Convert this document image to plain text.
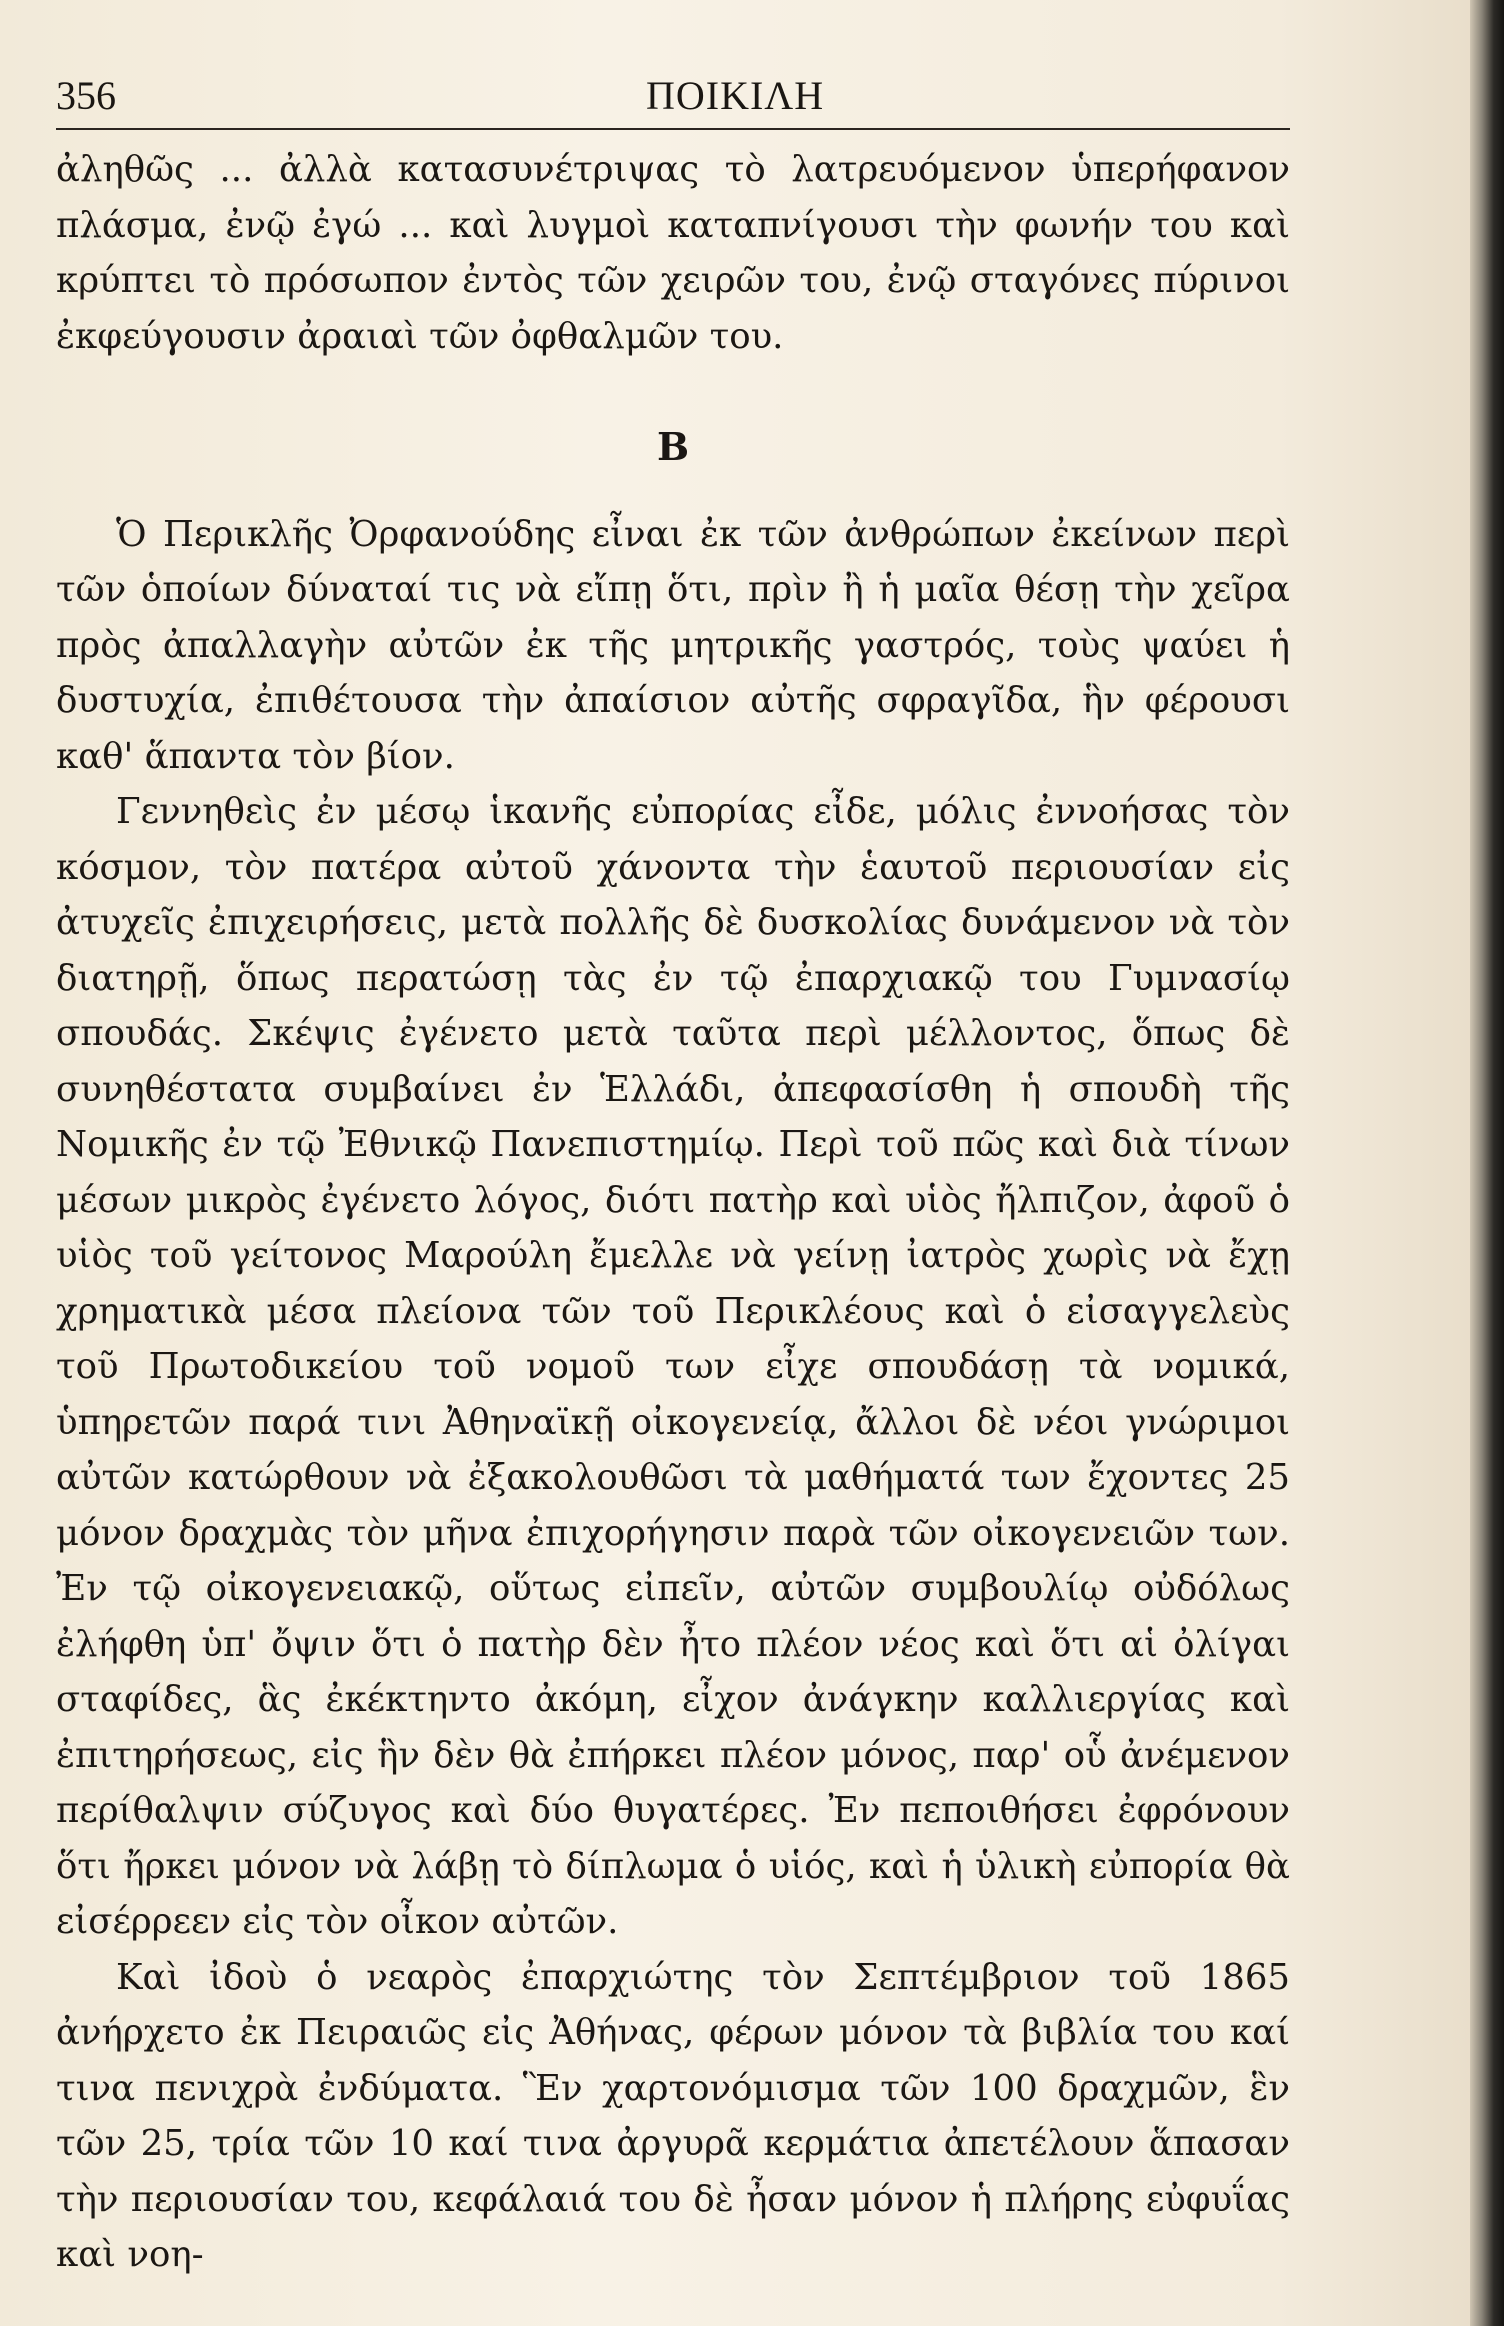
356	ΠΟΙΚΙΛΗ

ἀληθῶς ... ἀλλὰ κατασυνέτριψας τὸ λατρευόμενον ὑπερήφανον πλάσμα, ἐνῷ ἐγώ ... καὶ λυγμοὶ καταπνίγουσι τὴν φωνήν του καὶ κρύπτει τὸ πρόσωπον ἐντὸς τῶν χειρῶν του, ἐνῷ σταγόνες πύρινοι ἐκφεύγουσιν ἀραιαὶ τῶν ὀφθαλμῶν του.

Β

Ὁ Περικλῆς Ὀρφανούδης εἶναι ἐκ τῶν ἀνθρώπων ἐκείνων περὶ τῶν ὁποίων δύναταί τις νὰ εἴπῃ ὅτι, πρὶν ἢ ἡ μαῖα θέσῃ τὴν χεῖρα πρὸς ἀπαλλαγὴν αὐτῶν ἐκ τῆς μητρικῆς γαστρός, τοὺς ψαύει ἡ δυστυχία, ἐπιθέτουσα τὴν ἀπαίσιον αὐτῆς σφραγῖδα, ἣν φέρουσι καθ' ἅπαντα τὸν βίον.

Γεννηθεὶς ἐν μέσῳ ἱκανῆς εὐπορίας εἶδε, μόλις ἐννοήσας τὸν κόσμον, τὸν πατέρα αὐτοῦ χάνοντα τὴν ἑαυτοῦ περιουσίαν εἰς ἀτυχεῖς ἐπιχειρήσεις, μετὰ πολλῆς δὲ δυσκολίας δυνάμενον νὰ τὸν διατηρῇ, ὅπως περατώσῃ τὰς ἐν τῷ ἐπαρχιακῷ του Γυμνασίῳ σπουδάς. Σκέψις ἐγένετο μετὰ ταῦτα περὶ μέλλοντος, ὅπως δὲ συνηθέστατα συμβαίνει ἐν Ἑλλάδι, ἀπεφασίσθη ἡ σπουδὴ τῆς Νομικῆς ἐν τῷ Ἐθνικῷ Πανεπιστημίῳ. Περὶ τοῦ πῶς καὶ διὰ τίνων μέσων μικρὸς ἐγένετο λόγος, διότι πατὴρ καὶ υἱὸς ἤλπιζον, ἀφοῦ ὁ υἱὸς τοῦ γείτονος Μαρούλη ἔμελλε νὰ γείνῃ ἰατρὸς χωρὶς νὰ ἔχῃ χρηματικὰ μέσα πλείονα τῶν τοῦ Περικλέους καὶ ὁ εἰσαγγελεὺς τοῦ Πρωτοδικείου τοῦ νομοῦ των εἶχε σπουδάσῃ τὰ νομικά, ὑπηρετῶν παρά τινι Ἀθηναϊκῇ οἰκογενείᾳ, ἄλλοι δὲ νέοι γνώριμοι αὐτῶν κατώρθουν νὰ ἐξακολουθῶσι τὰ μαθήματά των ἔχοντες 25 μόνον δραχμὰς τὸν μῆνα ἐπιχορήγησιν παρὰ τῶν οἰκογενειῶν των. Ἐν τῷ οἰκογενειακῷ, οὕτως εἰπεῖν, αὐτῶν συμβουλίῳ οὐδόλως ἐλήφθη ὑπ' ὄψιν ὅτι ὁ πατὴρ δὲν ἦτο πλέον νέος καὶ ὅτι αἱ ὀλίγαι σταφίδες, ἃς ἐκέκτηντο ἀκόμη, εἶχον ἀνάγκην καλλιεργίας καὶ ἐπιτηρήσεως, εἰς ἣν δὲν θὰ ἐπήρκει πλέον μόνος, παρ' οὗ ἀνέμενον περίθαλψιν σύζυγος καὶ δύο θυγατέρες. Ἐν πεποιθήσει ἐφρόνουν ὅτι ἤρκει μόνον νὰ λάβῃ τὸ δίπλωμα ὁ υἱός, καὶ ἡ ὑλικὴ εὐπορία θὰ εἰσέρρεεν εἰς τὸν οἶκον αὐτῶν.

Καὶ ἰδοὺ ὁ νεαρὸς ἐπαρχιώτης τὸν Σεπτέμβριον τοῦ 1865 ἀνήρχετο ἐκ Πειραιῶς εἰς Ἀθήνας, φέρων μόνον τὰ βιβλία του καί τινα πενιχρὰ ἐνδύματα. Ἓν χαρτονόμισμα τῶν 100 δραχμῶν, ἓν τῶν 25, τρία τῶν 10 καί τινα ἀργυρᾶ κερμάτια ἀπετέλουν ἅπασαν τὴν περιουσίαν του, κεφάλαιά του δὲ ἦσαν μόνον ἡ πλήρης εὐφυΐας καὶ νοη-
